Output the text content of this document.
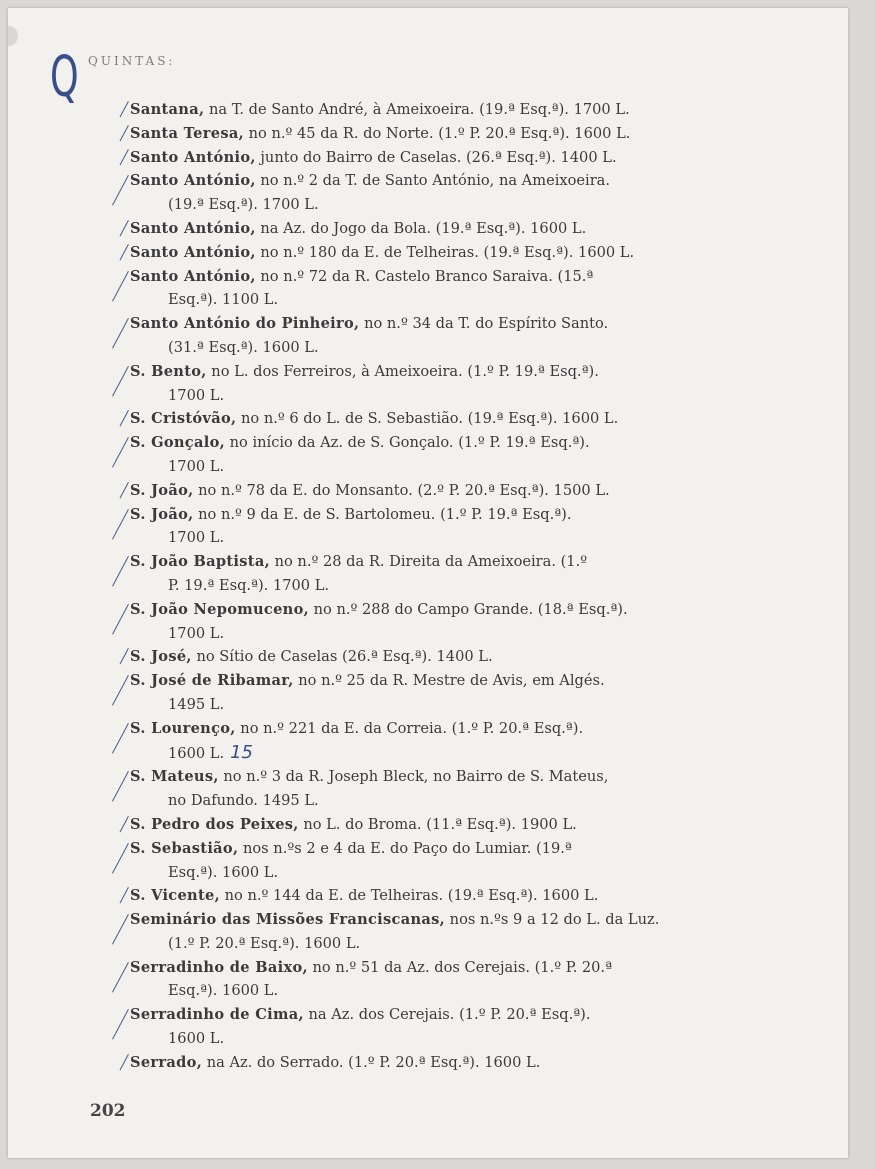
Q QUINTAS:
Santana, na T. de Santo André, à Ameixoeira. (19.ª Esq.ª). 1700 L.
Santa Teresa, no n.º 45 da R. do Norte. (1.º P. 20.ª Esq.ª). 1600 L.
Santo António, junto do Bairro de Caselas. (26.ª Esq.ª). 1400 L.
Santo António, no n.º 2 da T. de Santo António, na Ameixoeira.
(19.ª Esq.ª). 1700 L.
Santo António, na Az. do Jogo da Bola. (19.ª Esq.ª). 1600 L.
Santo António, no n.º 180 da E. de Telheiras. (19.ª Esq.ª). 1600 L.
Santo António, no n.º 72 da R. Castelo Branco Saraiva. (15.ª
Esq.ª). 1100 L.
Santo António do Pinheiro, no n.º 34 da T. do Espírito Santo.
(31.ª Esq.ª). 1600 L.
S. Bento, no L. dos Ferreiros, à Ameixoeira. (1.º P. 19.ª Esq.ª).
1700 L.
S. Cristóvão, no n.º 6 do L. de S. Sebastião. (19.ª Esq.ª). 1600 L.
S. Gonçalo, no início da Az. de S. Gonçalo. (1.º P. 19.ª Esq.ª).
1700 L.
S. João, no n.º 78 da E. do Monsanto. (2.º P. 20.ª Esq.ª). 1500 L.
S. João, no n.º 9 da E. de S. Bartolomeu. (1.º P. 19.ª Esq.ª).
1700 L.
S. João Baptista, no n.º 28 da R. Direita da Ameixoeira. (1.º
P. 19.ª Esq.ª). 1700 L.
S. João Nepomuceno, no n.º 288 do Campo Grande. (18.ª Esq.ª).
1700 L.
S. José, no Sítio de Caselas (26.ª Esq.ª). 1400 L.
S. José de Ribamar, no n.º 25 da R. Mestre de Avis, em Algés.
1495 L.
S. Lourenço, no n.º 221 da E. da Correia. (1.º P. 20.ª Esq.ª).
1600 L. 15
S. Mateus, no n.º 3 da R. Joseph Bleck, no Bairro de S. Mateus,
no Dafundo. 1495 L.
S. Pedro dos Peixes, no L. do Broma. (11.ª Esq.ª). 1900 L.
S. Sebastião, nos n.ºs 2 e 4 da E. do Paço do Lumiar. (19.ª
Esq.ª). 1600 L.
S. Vicente, no n.º 144 da E. de Telheiras. (19.ª Esq.ª). 1600 L.
Seminário das Missões Franciscanas, nos n.ºs 9 a 12 do L. da Luz.
(1.º P. 20.ª Esq.ª). 1600 L.
Serradinho de Baixo, no n.º 51 da Az. dos Cerejais. (1.º P. 20.ª
Esq.ª). 1600 L.
Serradinho de Cima, na Az. dos Cerejais. (1.º P. 20.ª Esq.ª).
1600 L.
Serrado, na Az. do Serrado. (1.º P. 20.ª Esq.ª). 1600 L.
202
